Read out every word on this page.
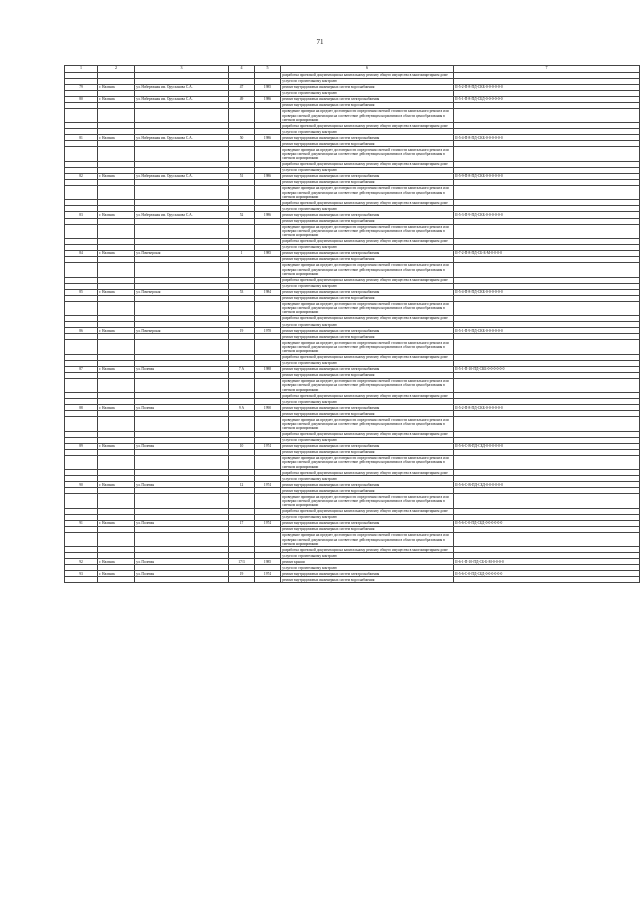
71
1	2	3	4	5	6	7
					разработка проектной документации на капитальному ремонту общего имущества в многоквартирном доме	
					услуги по строительному контролю	
79	г. Нальчик	ул. Набережная им. Орусханова С.А.	47	1985	ремонт внутридомовых инженерных систем водоснабжения	II-5-2-П-8-ПД-СКБ-0-0-0-0-0-0
					услуги по строительному контролю	
80	г. Нальчик	ул. Набережная им. Орусханова С.А.	49	1986	ремонт внутридомовых инженерных систем электроснабжения	II-5-1-П-8-ПД-СБД-0-0-0-0-0-0
					ремонт внутридомовых инженерных систем водоснабжения	
					проведение проверки на предмет достоверности определения сметной стоимости капитального ремонта или проверки сметной документации на соответствие действующим нормативам в области ценообразования в сметном нормировании	
					разработка проектной документации на капитальному ремонту общего имущества в многоквартирном доме	
					услуги по строительному контролю	
81	г. Нальчик	ул. Набережная им. Орусханова С.А.	50	1986	ремонт внутридомовых инженерных систем электроснабжения	II-5-4-П-8-ПД-СКБ-0-0-0-0-0-0
					ремонт внутридомовых инженерных систем водоснабжения	
					проведение проверки на предмет достоверности определения сметной стоимости капитального ремонта или проверки сметной документации на соответствие действующим нормативам в области ценообразования в сметном нормировании	
					разработка проектной документации на капитальному ремонту общего имущества в многоквартирном доме	
					услуги по строительному контролю	
82	г. Нальчик	ул. Набережная им. Орусханова С.А.	51	1986	ремонт внутридомовых инженерных систем электроснабжения	II-5-9-П-8-ПД-СКБ-0-0-0-0-0-0
					ремонт внутридомовых инженерных систем водоснабжения	
					проведение проверки на предмет достоверности определения сметной стоимости капитального ремонта или проверки сметной документации на соответствие действующим нормативам в области ценообразования в сметном нормировании	
					разработка проектной документации на капитальному ремонту общего имущества в многоквартирном доме	
					услуги по строительному контролю	
83	г. Нальчик	ул. Набережная им. Орусханова С.А.	52	1986	ремонт внутридомовых инженерных систем электроснабжения	II-5-3-П-9-ПД-СКБ-0-0-0-0-0-0
					ремонт внутридомовых инженерных систем водоснабжения	
					проведение проверки на предмет достоверности определения сметной стоимости капитального ремонта или проверки сметной документации на соответствие действующим нормативам в области ценообразования в сметном нормировании	
					разработка проектной документации на капитальному ремонту общего имущества в многоквартирном доме	
					услуги по строительному контролю	
84	г. Нальчик	ул. Пачекерская	1	1985	ремонт внутридомовых инженерных систем электроснабжения	II-7-2-П-8-ПД-СБ-Б-М-0-0-0-0
					ремонт внутридомовых инженерных систем водоснабжения	
					проведение проверки на предмет достоверности определения сметной стоимости капитального ремонта или проверки сметной документации на соответствие действующим нормативам в области ценообразования в сметном нормировании	
					разработка проектной документации на капитальному ремонту общего имущества в многоквартирном доме	
					услуги по строительному контролю	
85	г. Нальчик	ул. Пачекерская	53	1984	ремонт внутридомовых инженерных систем электроснабжения	II-5-4-П-8-ПД-СКБ-0-0-0-0-0-0
					ремонт внутридомовых инженерных систем водоснабжения	
					проведение проверки на предмет достоверности определения сметной стоимости капитального ремонта или проверки сметной документации на соответствие действующим нормативам в области ценообразования в сметном нормировании	
					разработка проектной документации на капитальному ремонту общего имущества в многоквартирном доме	
					услуги по строительному контролю	
86	г. Нальчик	ул. Пачекерская	19	1978	ремонт внутридомовых инженерных систем электроснабжения	II-5-1-П-9-ПД-СКБ-0-0-0-0-0-0
					ремонт внутридомовых инженерных систем водоснабжения	
					проведение проверки на предмет достоверности определения сметной стоимости капитального ремонта или проверки сметной документации на соответствие действующим нормативам в области ценообразования в сметном нормировании	
					разработка проектной документации на капитальному ремонту общего имущества в многоквартирном доме	
					услуги по строительному контролю	
87	г. Нальчик	ул. Полевая	7 А	1988	ремонт внутридомовых инженерных систем электроснабжения	II-5-1-П-10-ПД-СКБ-0-0-0-0-0-0
					ремонт внутридомовых инженерных систем водоснабжения	
					проведение проверки на предмет достоверности определения сметной стоимости капитального ремонта или проверки сметной документации на соответствие действующим нормативам в области ценообразования в сметном нормировании	
					разработка проектной документации на капитальному ремонту общего имущества в многоквартирном доме	
					услуги по строительному контролю	
88	г. Нальчик	ул. Полевая	9 А	1990	ремонт внутридомовых инженерных систем электроснабжения	II-5-2-П-8-ПД-СКБ-0-0-0-0-0-0
					ремонт внутридомовых инженерных систем водоснабжения	
					проведение проверки на предмет достоверности определения сметной стоимости капитального ремонта или проверки сметной документации на соответствие действующим нормативам в области ценообразования в сметном нормировании	
					разработка проектной документации на капитальному ремонту общего имущества в многоквартирном доме	
					услуги по строительному контролю	
89	г. Нальчик	ул. Полевая	10	1974	ремонт внутридомовых инженерных систем электроснабжения	II-5-6-С-В-ПД-СБД-0-0-0-0-0-0
					ремонт внутридомовых инженерных систем водоснабжения	
					проведение проверки на предмет достоверности определения сметной стоимости капитального ремонта или проверки сметной документации на соответствие действующим нормативам в области ценообразования в сметном нормировании	
					разработка проектной документации на капитальному ремонту общего имущества в многоквартирном доме	
					услуги по строительному контролю	
90	г. Нальчик	ул. Полевая	12	1974	ремонт внутридомовых инженерных систем электроснабжения	II-5-6-С-В-ПД-СБД-0-0-0-0-0-0
					ремонт внутридомовых инженерных систем водоснабжения	
					проведение проверки на предмет достоверности определения сметной стоимости капитального ремонта или проверки сметной документации на соответствие действующим нормативам в области ценообразования в сметном нормировании	
					разработка проектной документации на капитальному ремонту общего имущества в многоквартирном доме	
					услуги по строительному контролю	
91	г. Нальчик	ул. Полевая	17	1974	ремонт внутридомовых инженерных систем электроснабжения	II-5-6-С-0-ПД-СБД-0-0-0-0-0-0
					ремонт внутридомовых инженерных систем водоснабжения	
					проведение проверки на предмет достоверности определения сметной стоимости капитального ремонта или проверки сметной документации на соответствие действующим нормативам в области ценообразования в сметном нормировании	
					разработка проектной документации на капитальному ремонту общего имущества в многоквартирном доме	
					услуги по строительному контролю	
92	г. Нальчик	ул. Полевая	17/3	1985	ремонт крыши	II-6-1-П-10-ПД-СБ-Б-М-0-0-0-0
					услуги по строительному контролю	
93	г. Нальчик	ул. Полевая	19	1974	ремонт внутридомовых инженерных систем электроснабжения	II-5-6-С-0-ПД-СБД-0-0-0-0-0-0
					ремонт внутридомовых инженерных систем водоснабжения	
